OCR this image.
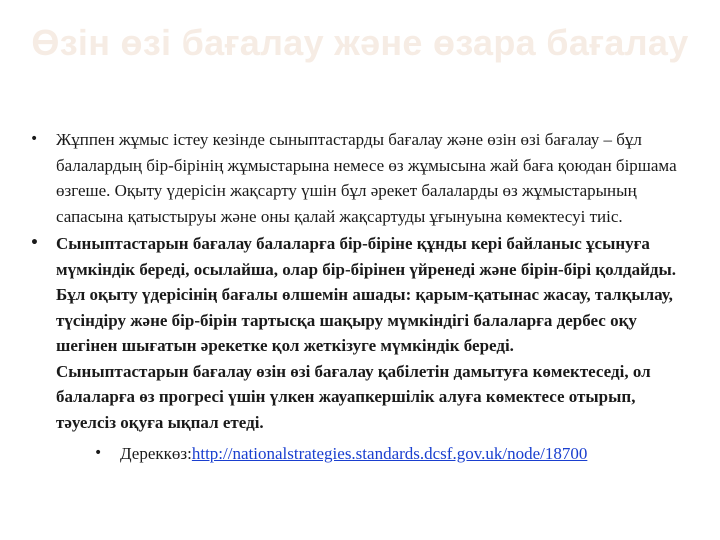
Өзін өзі бағалау және өзара бағалау
• Жұппен жұмыс істеу кезінде сыныптастарды бағалау және өзін өзі бағалау – бұл балалардың бір-бірінің жұмыстарына немесе өз жұмысына жай баға қоюдан біршама өзгеше. Оқыту үдерісін жақсарту үшін бұл әрекет балаларды өз жұмыстарының сапасына қатыстыруы және оны қалай жақсартуды ұғынуына көмектесуі тиіс.
• Сыныптастарын бағалау балаларға бір-біріне құнды кері байланыс ұсынуға мүмкіндік береді, осылайша, олар бір-бірінен үйренеді және бірін-бірі қолдайды. Бұл оқыту үдерісінің бағалы өлшемін ашады: қарым-қатынас жасау, талқылау, түсіндіру және бір-бірін тартысқа шақыру мүмкіндігі балаларға дербес оқу шегінен шығатын әрекетке қол жеткізуге мүмкіндік береді.
Сыныптастарын бағалау өзін өзі бағалау қабілетін дамытуға көмектеседі, ол балаларға өз прогресі үшін үлкен жауапкершілік алуға көмектесе отырып, тәуелсіз оқуға ықпал етеді.
• Дереккөз:http://nationalstrategies.standards.dcsf.gov.uk/node/18700
